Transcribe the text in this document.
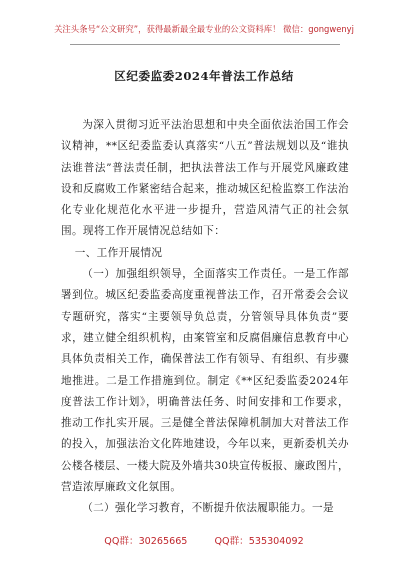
关注头条号“公文研究”，获得最新最全最专业的公文资料库！ 微信：gongwenyj
区纪委监委2024年普法工作总结

为深入贯彻习近平法治思想和中央全面依法治国工作会议精神，**区纪委监委认真落实“八五”普法规划以及“谁执法谁普法”普法责任制，把执法普法工作与开展党风廉政建设和反腐败工作紧密结合起来，推动城区纪检监察工作法治化专业化规范化水平进一步提升，营造风清气正的社会氛围。现将工作开展情况总结如下：

一、工作开展情况

（一）加强组织领导，全面落实工作责任。一是工作部署到位。城区纪委监委高度重视普法工作，召开常委会会议专题研究，落实“主要领导负总责，分管领导具体负责”要求，建立健全组织机构，由案管室和反腐倡廉信息教育中心具体负责相关工作，确保普法工作有领导、有组织、有步骤地推进。二是工作措施到位。制定《**区纪委监委2024年度普法工作计划》，明确普法任务、时间安排和工作要求，推动工作扎实开展。三是健全普法保障机制加大对普法工作的投入，加强法治文化阵地建设，今年以来，更新委机关办公楼各楼层、一楼大院及外墙共30块宣传板报、廉政图片，营造浓厚廉政文化氛围。

（二）强化学习教育，不断提升依法履职能力。一是

QQ群：30265665	QQ群：535304092
